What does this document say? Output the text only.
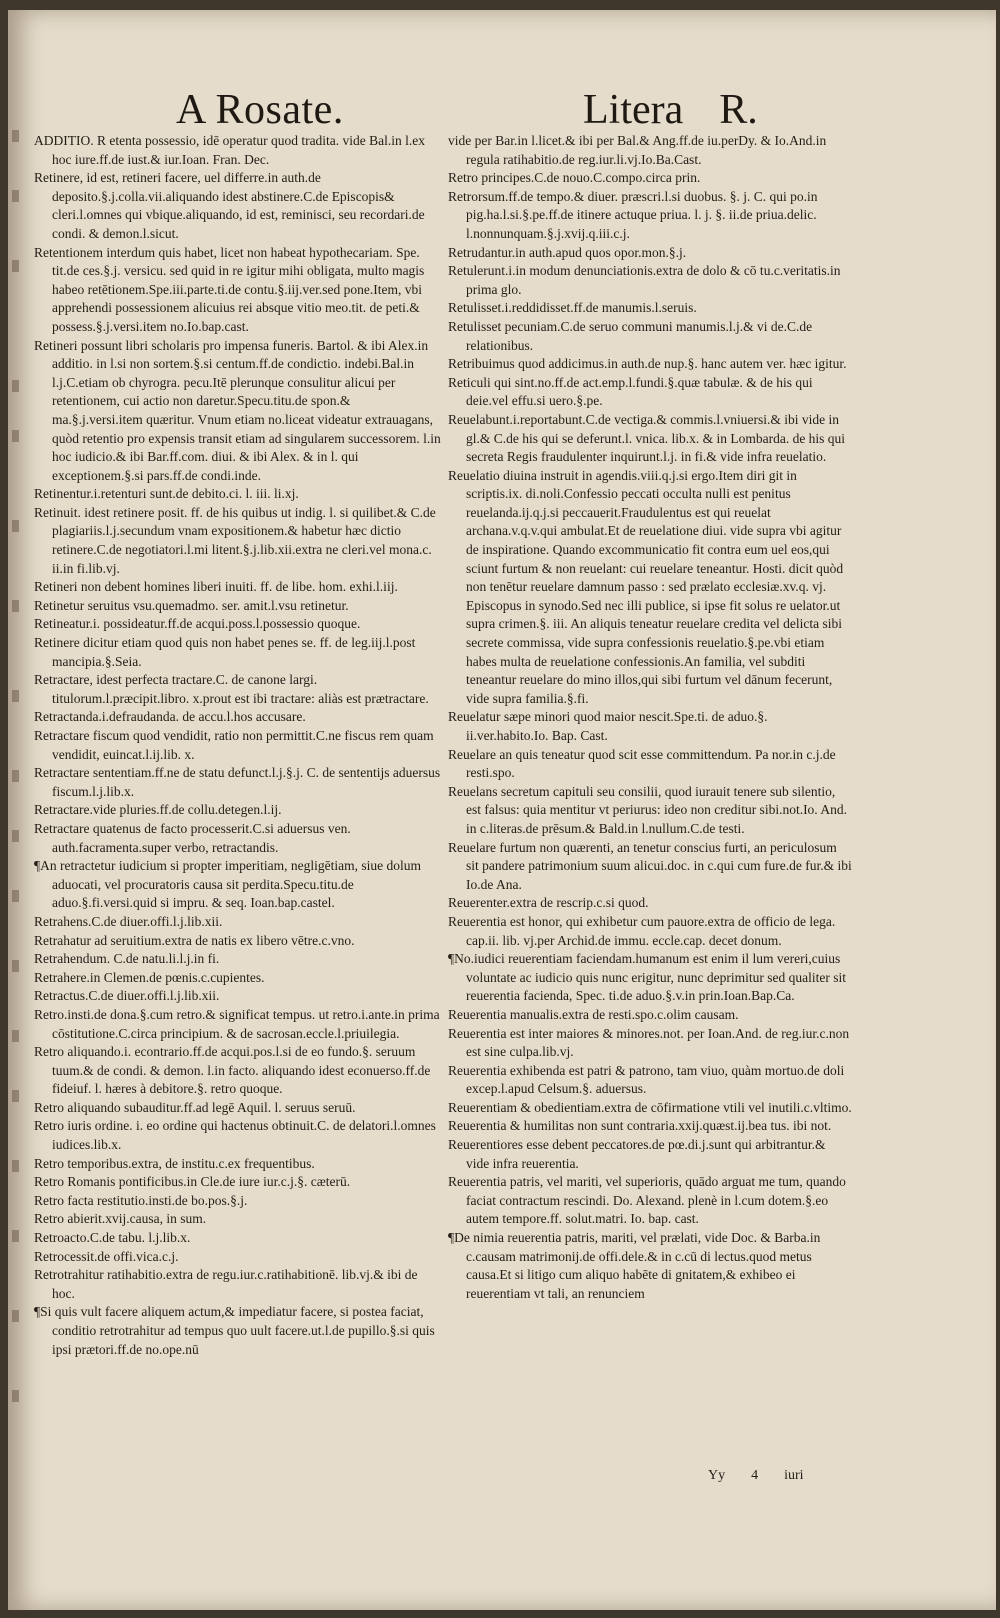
A Rosate.	Litera R.

ADDITIO. R etenta possessio, idē operatur quod tradita. vide Bal.in l.ex hoc iure.ff.de iust.& iur.Ioan. Fran. Dec.

Retinere, id est, retineri facere, uel differre.in auth.de deposito.§.j.colla.vii.aliquando idest abstinere.C.de Episcopis& cleri.l.omnes qui vbique.aliquando, id est, reminisci, seu recordari.de condi. & demon.l.sicut.

Retentionem interdum quis habet, licet non habeat hypothecariam. Spe. tit.de ces.§.j. versicu. sed quid in re igitur mihi obligata, multo magis habeo retētionem.Spe.iii.parte.ti.de contu.§.iij.ver.sed pone.Item, vbi apprehendi possessionem alicuius rei absque vitio meo.tit. de peti.& possess.§.j.versi.item no.Io.bap.cast.

Retineri possunt libri scholaris pro impensa funeris. Bartol. & ibi Alex.in additio. in l.si non sortem.§.si centum.ff.de condictio. indebi.Bal.in l.j.C.etiam ob chyrogra. pecu.Itē plerunque consulitur alicui per retentionem, cui actio non daretur.Specu.titu.de spon.& ma.§.j.versi.item quæritur. Vnum etiam no.liceat videatur extrauagans, quòd retentio pro expensis transit etiam ad singularem successorem. l.in hoc iudicio.& ibi Bar.ff.com. diui. & ibi Alex. & in l. qui exceptionem.§.si pars.ff.de condi.inde.

Retinentur.i.retenturi sunt.de debito.ci. l. iii. li.xj.

Retinuit. idest retinere posit. ff. de his quibus ut indig. l. si quilibet.& C.de plagiariis.l.j.secundum vnam expositionem.& habetur hæc dictio retinere.C.de negotiatori.l.mi litent.§.j.lib.xii.extra ne cleri.vel mona.c. ii.in fi.lib.vj.

Retineri non debent homines liberi inuiti. ff. de libe. hom. exhi.l.iij.

Retinetur seruitus vsu.quemadmo. ser. amit.l.vsu retinetur.

Retineatur.i. possideatur.ff.de acqui.poss.l.possessio quoque.

Retinere dicitur etiam quod quis non habet penes se. ff. de leg.iij.l.post mancipia.§.Seia.

Retractare, idest perfecta tractare.C. de canone largi. titulorum.l.præcipit.libro. x.prout est ibi tractare: aliàs est prætractare.

Retractanda.i.defraudanda. de accu.l.hos accusare.

Retractare fiscum quod vendidit, ratio non permittit.C.ne fiscus rem quam vendidit, euincat.l.ij.lib. x.

Retractare sententiam.ff.ne de statu defunct.l.j.§.j. C. de sententijs aduersus fiscum.l.j.lib.x.

Retractare.vide pluries.ff.de collu.detegen.l.ij.

Retractare quatenus de facto processerit.C.si aduersus ven. auth.facramenta.super verbo, retractandis.

¶An retractetur iudicium si propter imperitiam, negligētiam, siue dolum aduocati, vel procuratoris causa sit perdita.Specu.titu.de aduo.§.fi.versi.quid si impru. & seq. Ioan.bap.castel.

Retrahens.C.de diuer.offi.l.j.lib.xii.

Retrahatur ad seruitium.extra de natis ex libero vētre.c.vno.

Retrahendum. C.de natu.li.l.j.in fi.

Retrahere.in Clemen.de pœnis.c.cupientes.

Retractus.C.de diuer.offi.l.j.lib.xii.

Retro.insti.de dona.§.cum retro.& significat tempus. ut retro.i.ante.in prima cōstitutione.C.circa principium. & de sacrosan.eccle.l.priuilegia.

Retro aliquando.i. econtrario.ff.de acqui.pos.l.si de eo fundo.§. seruum tuum.& de condi. & demon. l.in facto. aliquando idest econuerso.ff.de fideiuf. l. hæres à debitore.§. retro quoque.

Retro aliquando subauditur.ff.ad legē Aquil. l. seruus seruū.

Retro iuris ordine. i. eo ordine qui hactenus obtinuit.C. de delatori.l.omnes iudices.lib.x.

Retro temporibus.extra, de institu.c.ex frequentibus.

Retro Romanis pontificibus.in Cle.de iure iur.c.j.§. cæterū.

Retro facta restitutio.insti.de bo.pos.§.j.

Retro abierit.xvij.causa, in sum.

Retroacto.C.de tabu. l.j.lib.x.

Retrocessit.de offi.vica.c.j.

Retrotrahitur ratihabitio.extra de regu.iur.c.ratihabitionē. lib.vj.& ibi de hoc.

¶Si quis vult facere aliquem actum,& impediatur facere, si postea faciat, conditio retrotrahitur ad tempus quo uult facere.ut.l.de pupillo.§.si quis ipsi prætori.ff.de no.ope.nū

vide per Bar.in l.licet.& ibi per Bal.& Ang.ff.de iu.perDy. & Io.And.in regula ratihabitio.de reg.iur.li.vj.Io.Ba.Cast.

Retro principes.C.de nouo.C.compo.circa prin.

Retrorsum.ff.de tempo.& diuer. præscri.l.si duobus. §. j. C. qui po.in pig.ha.l.si.§.pe.ff.de itinere actuque priua. l. j. §. ii.de priua.delic. l.nonnunquam.§.j.xvij.q.iii.c.j.

Retrudantur.in auth.apud quos opor.mon.§.j.

Retulerunt.i.in modum denunciationis.extra de dolo & cō tu.c.veritatis.in prima glo.

Retulisset.i.reddidisset.ff.de manumis.l.seruis.

Retulisset pecuniam.C.de seruo communi manumis.l.j.& vi de.C.de relationibus.

Retribuimus quod addicimus.in auth.de nup.§. hanc autem ver. hæc igitur.

Reticuli qui sint.no.ff.de act.emp.l.fundi.§.quæ tabulæ. & de his qui deie.vel effu.si uero.§.pe.

Reuelabunt.i.reportabunt.C.de vectiga.& commis.l.vniuersi.& ibi vide in gl.& C.de his qui se deferunt.l. vnica. lib.x. & in Lombarda. de his qui secreta Regis fraudulenter inquirunt.l.j. in fi.& vide infra reuelatio.

Reuelatio diuina instruit in agendis.viii.q.j.si ergo.Item diri git in scriptis.ix. di.noli.Confessio peccati occulta nulli est penitus reuelanda.ij.q.j.si peccauerit.Fraudulentus est qui reuelat archana.v.q.v.qui ambulat.Et de reuelatione diui. vide supra vbi agitur de inspiratione. Quando excommunicatio fit contra eum uel eos,qui sciunt furtum & non reuelant: cui reuelare teneantur. Hosti. dicit quòd non tenētur reuelare damnum passo : sed prælato ecclesiæ.xv.q. vj. Episcopus in synodo.Sed nec illi publice, si ipse fit solus re uelator.ut supra crimen.§. iii. An aliquis teneatur reuelare credita vel delicta sibi secrete commissa, vide supra confessionis reuelatio.§.pe.vbi etiam habes multa de reuelatione confessionis.An familia, vel subditi teneantur reuelare do mino illos,qui sibi furtum vel dānum fecerunt, vide supra familia.§.fi.

Reuelatur sæpe minori quod maior nescit.Spe.ti. de aduo.§. ii.ver.habito.Io. Bap. Cast.

Reuelare an quis teneatur quod scit esse committendum. Pa nor.in c.j.de resti.spo.

Reuelans secretum capituli seu consilii, quod iurauit tenere sub silentio, est falsus: quia mentitur vt periurus: ideo non creditur sibi.not.Io. And. in c.literas.de prēsum.& Bald.in l.nullum.C.de testi.

Reuelare furtum non quærenti, an tenetur conscius furti, an periculosum sit pandere patrimonium suum alicui.doc. in c.qui cum fure.de fur.& ibi Io.de Ana.

Reuerenter.extra de rescrip.c.si quod.

Reuerentia est honor, qui exhibetur cum pauore.extra de officio de lega. cap.ii. lib. vj.per Archid.de immu. eccle.cap. decet donum.

¶No.iudici reuerentiam faciendam.humanum est enim il lum vereri,cuius voluntate ac iudicio quis nunc erigitur, nunc deprimitur sed qualiter sit reuerentia facienda, Spec. ti.de aduo.§.v.in prin.Ioan.Bap.Ca.

Reuerentia manualis.extra de resti.spo.c.olim causam.

Reuerentia est inter maiores & minores.not. per Ioan.And. de reg.iur.c.non est sine culpa.lib.vj.

Reuerentia exhibenda est patri & patrono, tam viuo, quàm mortuo.de doli excep.l.apud Celsum.§. aduersus.

Reuerentiam & obedientiam.extra de cōfirmatione vtili vel inutili.c.vltimo.

Reuerentia & humilitas non sunt contraria.xxij.quæst.ij.bea tus. ibi not.

Reuerentiores esse debent peccatores.de pœ.di.j.sunt qui arbitrantur.& vide infra reuerentia.

Reuerentia patris, vel mariti, vel superioris, quādo arguat me tum, quando faciat contractum rescindi. Do. Alexand. plenè in l.cum dotem.§.eo autem tempore.ff. solut.matri. Io. bap. cast.

¶De nimia reuerentia patris, mariti, vel prælati, vide Doc. & Barba.in c.causam matrimonij.de offi.dele.& in c.cū di lectus.quod metus causa.Et si litigo cum aliquo habēte di gnitatem,& exhibeo ei reuerentiam vt tali, an renunciem

Yy 4 iuri
